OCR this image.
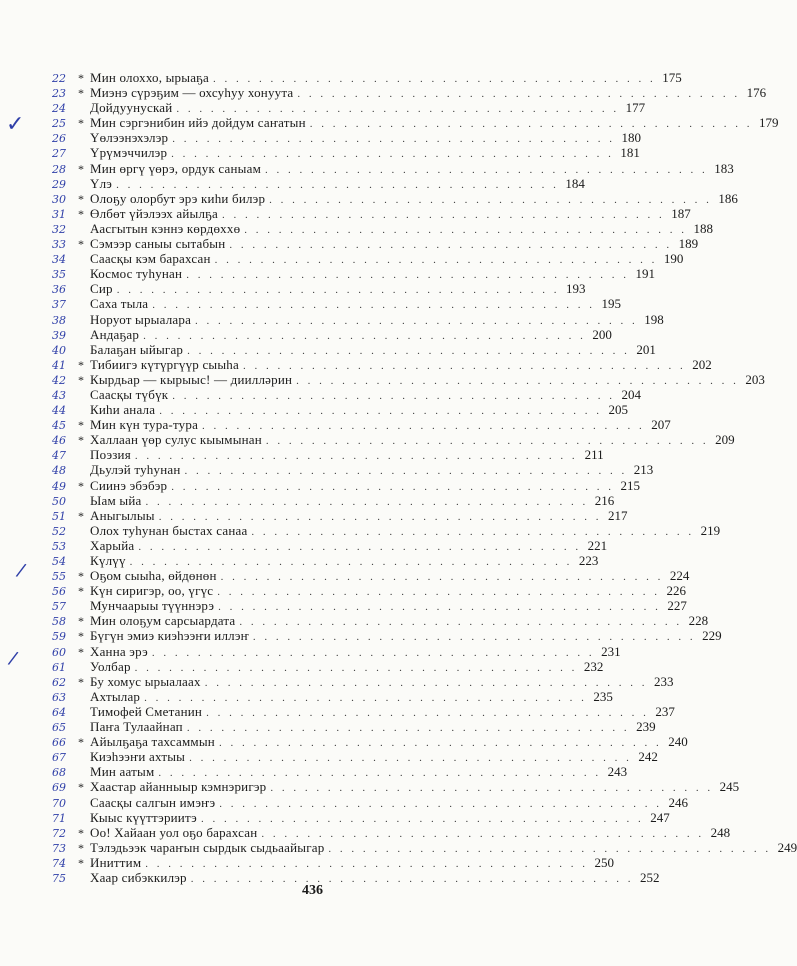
22	* Мин олоххо, ырыаҕа . . . . . . . . . . . . . . . . . . . . . . . . . . . . . . . . . . . . . . . 175
23	* Миэнэ сүрэҕим — охсуһуу хонуута . . . . . . . . . . . . . . . . . . . . . . . . . . . . . . . . . . . . . . . 176
24	Дойдуунускай . . . . . . . . . . . . . . . . . . . . . . . . . . . . . . . . . . . . . . . 177
25	* Мин сэргэнибин ийэ дойдум саҥатын . . . . . . . . . . . . . . . . . . . . . . . . . . . . . . . . . . . . . . . 179
26	Үөлээнэхэлэр . . . . . . . . . . . . . . . . . . . . . . . . . . . . . . . . . . . . . . . 180
27	Үрүмэччилэр . . . . . . . . . . . . . . . . . . . . . . . . . . . . . . . . . . . . . . . 181
28	* Мин өргү үөрэ, ордук саныам . . . . . . . . . . . . . . . . . . . . . . . . . . . . . . . . . . . . . . . 183
29	Үлэ . . . . . . . . . . . . . . . . . . . . . . . . . . . . . . . . . . . . . . . 184
30	* Олоҕу олорбут эрэ киһи билэр . . . . . . . . . . . . . . . . . . . . . . . . . . . . . . . . . . . . . . . 186
31	* Өлбөт үйэлээх айылҕа . . . . . . . . . . . . . . . . . . . . . . . . . . . . . . . . . . . . . . . 187
32	Аасгытын кэннэ көрдөххө . . . . . . . . . . . . . . . . . . . . . . . . . . . . . . . . . . . . . . . 188
33	* Сэмээр саныы сытабын . . . . . . . . . . . . . . . . . . . . . . . . . . . . . . . . . . . . . . . 189
34	Саасқы кэм барахсан . . . . . . . . . . . . . . . . . . . . . . . . . . . . . . . . . . . . . . . 190
35	Космос туһунан . . . . . . . . . . . . . . . . . . . . . . . . . . . . . . . . . . . . . . . 191
36	Сир . . . . . . . . . . . . . . . . . . . . . . . . . . . . . . . . . . . . . . . 193
37	Саха тыла . . . . . . . . . . . . . . . . . . . . . . . . . . . . . . . . . . . . . . . 195
38	Норуот ырыалара . . . . . . . . . . . . . . . . . . . . . . . . . . . . . . . . . . . . . . . 198
39	Андаҕар . . . . . . . . . . . . . . . . . . . . . . . . . . . . . . . . . . . . . . . 200
40	Балаҕан ыйыгар . . . . . . . . . . . . . . . . . . . . . . . . . . . . . . . . . . . . . . . 201
41	* Тибиигэ күтүргүүр сыыһа . . . . . . . . . . . . . . . . . . . . . . . . . . . . . . . . . . . . . . . 202
42	* Кырдьар — кырыыс! — диилләрин . . . . . . . . . . . . . . . . . . . . . . . . . . . . . . . . . . . . . . . 203
43	Саасқы түбүк . . . . . . . . . . . . . . . . . . . . . . . . . . . . . . . . . . . . . . . 204
44	Киһи анала . . . . . . . . . . . . . . . . . . . . . . . . . . . . . . . . . . . . . . . 205
45	* Мин күн тура-тура . . . . . . . . . . . . . . . . . . . . . . . . . . . . . . . . . . . . . . . 207
46	* Халлаан үөр сулус кыымынан . . . . . . . . . . . . . . . . . . . . . . . . . . . . . . . . . . . . . . . 209
47	Поэзия . . . . . . . . . . . . . . . . . . . . . . . . . . . . . . . . . . . . . . . 211
48	Дьулэй туһунан . . . . . . . . . . . . . . . . . . . . . . . . . . . . . . . . . . . . . . . 213
49	* Сиинэ эбэбэр . . . . . . . . . . . . . . . . . . . . . . . . . . . . . . . . . . . . . . . 215
50	Ыам ыйа . . . . . . . . . . . . . . . . . . . . . . . . . . . . . . . . . . . . . . . 216
51	* Аныгылыы . . . . . . . . . . . . . . . . . . . . . . . . . . . . . . . . . . . . . . . 217
52	Олох туһунан быстах санаа . . . . . . . . . . . . . . . . . . . . . . . . . . . . . . . . . . . . . . . 219
53	Харыйа . . . . . . . . . . . . . . . . . . . . . . . . . . . . . . . . . . . . . . . 221
54	Күлүү . . . . . . . . . . . . . . . . . . . . . . . . . . . . . . . . . . . . . . . 223
55	* Оҕом сыыһа, өйдөнөн . . . . . . . . . . . . . . . . . . . . . . . . . . . . . . . . . . . . . . . 224
56	* Күн сиригэр, оо, үгүс . . . . . . . . . . . . . . . . . . . . . . . . . . . . . . . . . . . . . . . 226
57	Мунчаарыы түүннэрэ . . . . . . . . . . . . . . . . . . . . . . . . . . . . . . . . . . . . . . . 227
58	* Мин олоҕум сарсыардата . . . . . . . . . . . . . . . . . . . . . . . . . . . . . . . . . . . . . . . 228
59	* Бүгүн эмиэ киэһээҥи иллэҥ . . . . . . . . . . . . . . . . . . . . . . . . . . . . . . . . . . . . . . . 229
60	* Ханна эрэ . . . . . . . . . . . . . . . . . . . . . . . . . . . . . . . . . . . . . . . 231
61	Уолбар . . . . . . . . . . . . . . . . . . . . . . . . . . . . . . . . . . . . . . . 232
62	* Бу хомус ырыалаах . . . . . . . . . . . . . . . . . . . . . . . . . . . . . . . . . . . . . . . 233
63	Ахтылар . . . . . . . . . . . . . . . . . . . . . . . . . . . . . . . . . . . . . . . 235
64	Тимофей Сметанин . . . . . . . . . . . . . . . . . . . . . . . . . . . . . . . . . . . . . . . 237
65	Паҥа Тулаайнап . . . . . . . . . . . . . . . . . . . . . . . . . . . . . . . . . . . . . . . 239
66	* Айылҕаҕа тахсаммын . . . . . . . . . . . . . . . . . . . . . . . . . . . . . . . . . . . . . . . 240
67	Киэһээҥи ахтыы . . . . . . . . . . . . . . . . . . . . . . . . . . . . . . . . . . . . . . . 242
68	Мин аатым . . . . . . . . . . . . . . . . . . . . . . . . . . . . . . . . . . . . . . . 243
69	* Хаастар айанныыр кэмнэригэр . . . . . . . . . . . . . . . . . . . . . . . . . . . . . . . . . . . . . . . 245
70	Саасқы салгын имэҥэ . . . . . . . . . . . . . . . . . . . . . . . . . . . . . . . . . . . . . . . 246
71	Кыыс күүттэриитэ . . . . . . . . . . . . . . . . . . . . . . . . . . . . . . . . . . . . . . . 247
72	* Оо! Хайаан уол оҕо барахсан . . . . . . . . . . . . . . . . . . . . . . . . . . . . . . . . . . . . . . . 248
73	* Тэлэдьээк чараҥын сырдык сыдьаайыгар . . . . . . . . . . . . . . . . . . . . . . . . . . . . . . . . . . . . . . . 249
74	* Иниттим . . . . . . . . . . . . . . . . . . . . . . . . . . . . . . . . . . . . . . . 250
75	Хаар сибэккилэр . . . . . . . . . . . . . . . . . . . . . . . . . . . . . . . . . . . . . . . 252
436
✓
/
/
